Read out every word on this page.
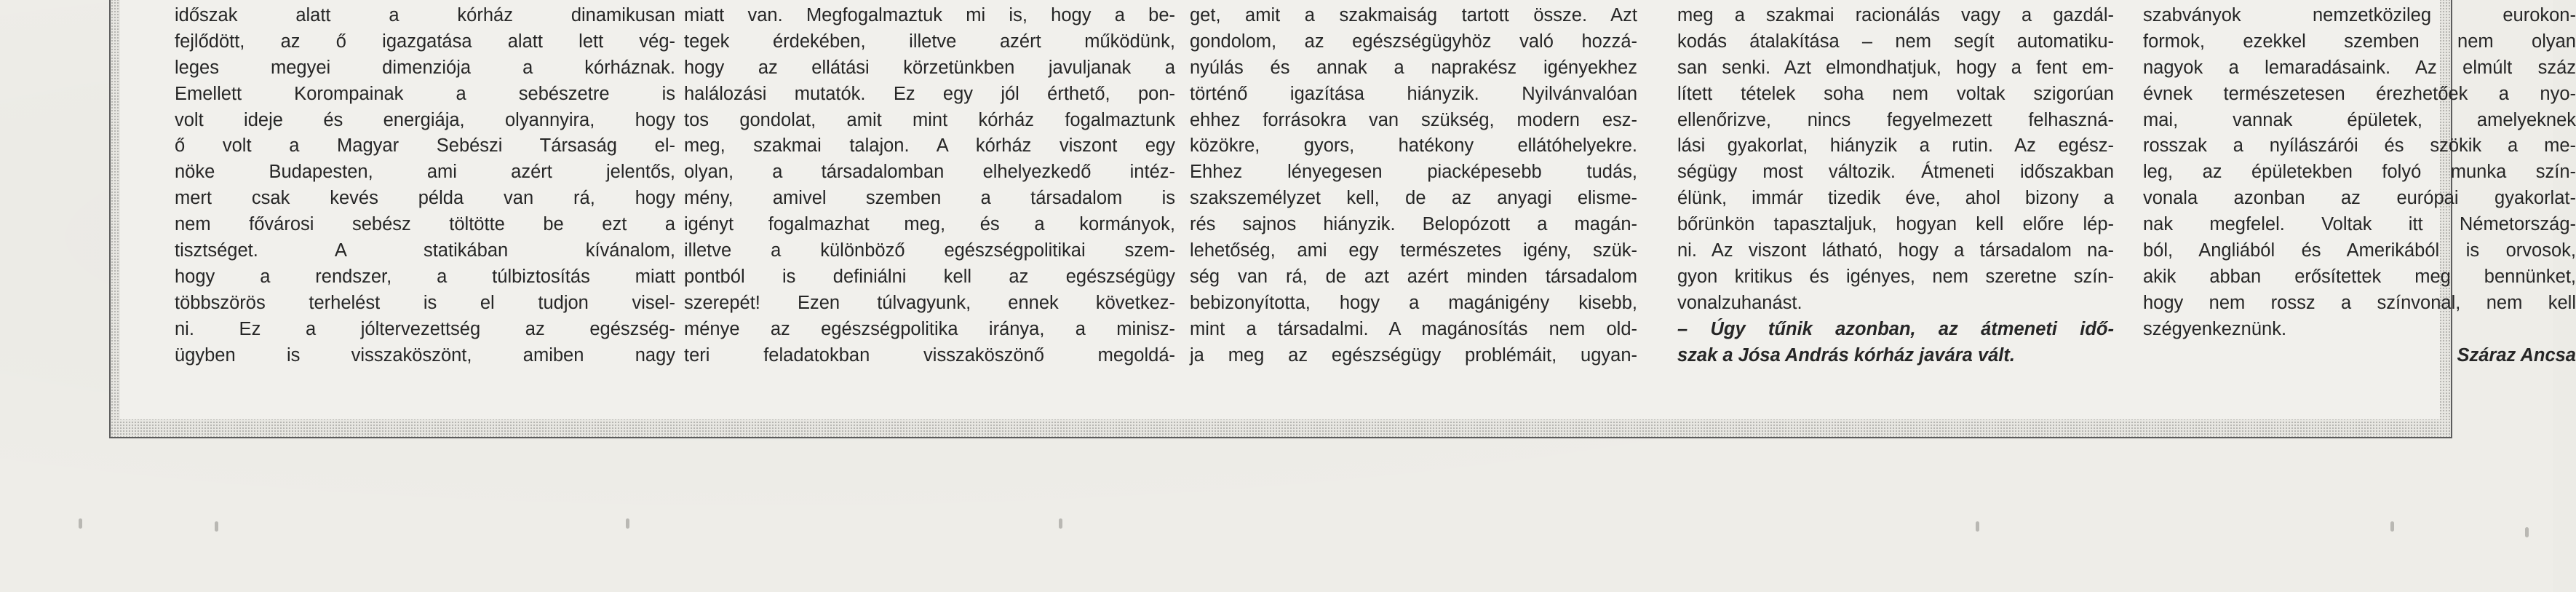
időszak alatt a kórház dinamikusan
fejlődött, az ő igazgatása alatt lett vég-
leges megyei dimenziója a kórháznak.
Emellett Korompainak a sebészetre is
volt ideje és energiája, olyannyira, hogy
ő volt a Magyar Sebészi Társaság el-
nöke Budapesten, ami azért jelentős,
mert csak kevés példa van rá, hogy
nem fővárosi sebész töltötte be ezt a
tisztséget. A statikában kívánalom,
hogy a rendszer, a túlbiztosítás miatt
többszörös terhelést is el tudjon visel-
ni. Ez a jóltervezettség az egészség-
ügyben is visszaköszönt, amiben nagy

miatt van. Megfogalmaztuk mi is, hogy a be-
tegek érdekében, illetve azért működünk,
hogy az ellátási körzetünkben javuljanak a
halálozási mutatók. Ez egy jól érthető, pon-
tos gondolat, amit mint kórház fogalmaztunk
meg, szakmai talajon. A kórház viszont egy
olyan, a társadalomban elhelyezkedő intéz-
mény, amivel szemben a társadalom is
igényt fogalmazhat meg, és a kormányok,
illetve a különböző egészségpolitikai szem-
pontból is definiálni kell az egészségügy
szerepét! Ezen túlvagyunk, ennek következ-
ménye az egészségpolitika iránya, a minisz-
teri feladatokban visszaköszönő megoldá-

get, amit a szakmaiság tartott össze. Azt
gondolom, az egészségügyhöz való hozzá-
nyúlás és annak a naprakész igényekhez
történő igazítása hiányzik. Nyilvánvalóan
ehhez forrásokra van szükség, modern esz-
közökre, gyors, hatékony ellátóhelyekre.
Ehhez lényegesen piacképesebb tudás,
szakszemélyzet kell, de az anyagi elisme-
rés sajnos hiányzik. Belopózott a magán-
lehetőség, ami egy természetes igény, szük-
ség van rá, de azt azért minden társadalom
bebizonyította, hogy a magánigény kisebb,
mint a társadalmi. A magánosítás nem old-
ja meg az egészségügy problémáit, ugyan-

meg a szakmai racionálás vagy a gazdál-
kodás átalakítása – nem segít automatiku-
san senki. Azt elmondhatjuk, hogy a fent em-
lített tételek soha nem voltak szigorúan
ellenőrizve, nincs fegyelmezett felhaszná-
lási gyakorlat, hiányzik a rutin. Az egész-
ségügy most változik. Átmeneti időszakban
élünk, immár tizedik éve, ahol bizony a
bőrünkön tapasztaljuk, hogyan kell előre lép-
ni. Az viszont látható, hogy a társadalom na-
gyon kritikus és igényes, nem szeretne szín-
vonalzuhanást.

– Úgy tűnik azonban, az átmeneti idő-
szak a Jósa András kórház javára vált.

szabványok nemzetközileg eurokon-
formok, ezekkel szemben nem olyan
nagyok a lemaradásaink. Az elmúlt száz
évnek természetesen érezhetőek a nyo-
mai, vannak épületek, amelyeknek
rosszak a nyílászárói és szökik a me-
leg, az épületekben folyó munka szín-
vonala azonban az európai gyakorlat-
nak megfelel. Voltak itt Németország-
ból, Angliából és Amerikából is orvosok,
akik abban erősítettek meg bennünket,
hogy nem rossz a színvonal, nem kell
szégyenkeznünk.

Száraz Ancsa
